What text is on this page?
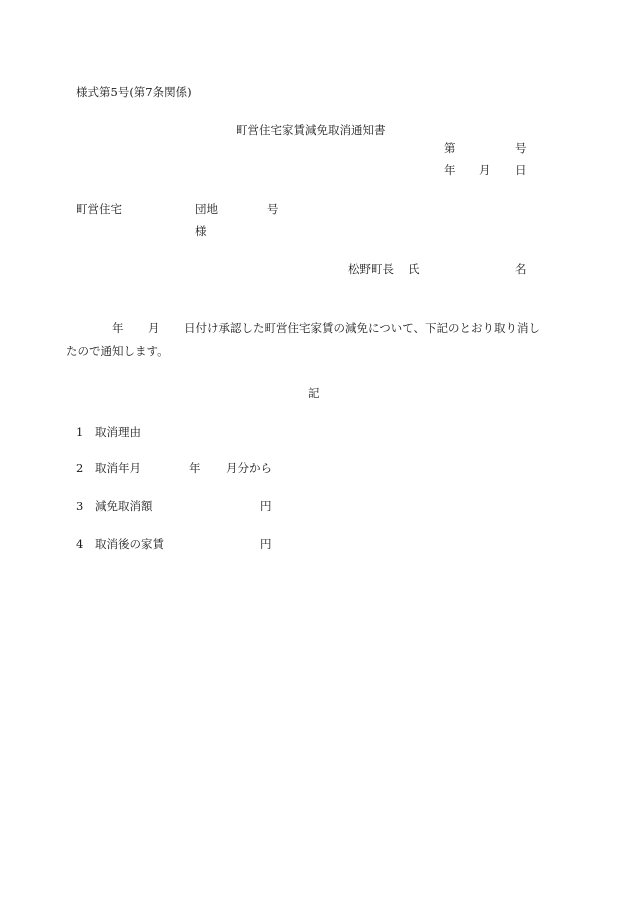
様式第5号(第7条関係)
町営住宅家賃減免取消通知書
第	号
年 月 日
町営住宅	団地	号
様
松野町長 氏	名
年 月 日付け承認した町営住宅家賃の減免について、下記のとおり取り消し
たので通知します。
記
1 取消理由
2 取消年月	年 月分から
3 減免取消額	円
4 取消後の家賃	円
